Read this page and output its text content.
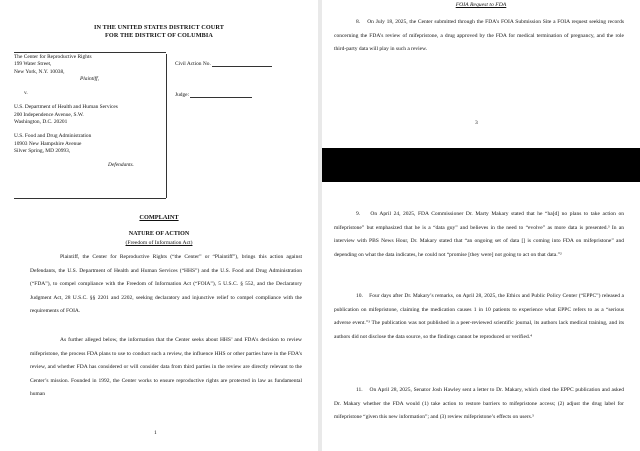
IN THE UNITED STATES DISTRICT COURT
FOR THE DISTRICT OF COLUMBIA
The Center for Reproductive Rights
199 Water Street,
New York, N.Y. 10038,
Plaintiff,
v.
U.S. Department of Health and Human Services
200 Independence Avenue, S.W.
Washington, D.C. 20201
U.S. Food and Drug Administration
10903 New Hampshire Avenue
Silver Spring, MD 20993,
Defendants.
Civil Action No.
Judge:
COMPLAINT
NATURE OF ACTION
(Freedom of Information Act)
Plaintiff, the Center for Reproductive Rights (“the Center” or “Plaintiff”), brings this action against Defendants, the U.S. Department of Health and Human Services (“HHS”) and the U.S. Food and Drug Administration (“FDA”), to compel compliance with the Freedom of Information Act (“FOIA”), 5 U.S.C. § 552, and the Declaratory Judgment Act, 28 U.S.C. §§ 2201 and 2202, seeking declaratory and injunctive relief to compel compliance with the requirements of FOIA.
As further alleged below, the information that the Center seeks about HHS’ and FDA’s decision to review mifepristone, the process FDA plans to use to conduct such a review, the influence HHS or other parties have in the FDA’s review, and whether FDA has considered or will consider data from third parties in the review are directly relevant to the Center’s mission. Founded in 1992, the Center works to ensure reproductive rights are protected in law as fundamental human
1
FOIA Request to FDA
8.    On July 18, 2025, the Center submitted through the FDA’s FOIA Submission Site a FOIA request seeking records concerning the FDA’s review of mifepristone, a drug approved by the FDA for medical termination of pregnancy, and the role third-party data will play in such a review.
3
9.    On April 24, 2025, FDA Commissioner Dr. Marty Makary stated that he “ha[d] no plans to take action on mifepristone” but emphasized that he is a “data guy” and believes in the need to “evolve” as more data is presented.³ In an interview with PBS News Hour, Dr. Makary stated that “an ongoing set of data [] is coming into FDA on mifepristone” and depending on what the data indicates, he could not “promise [they were] not going to act on that data.”²
10.    Four days after Dr. Makary’s remarks, on April 28, 2025, the Ethics and Public Policy Center (“EPPC”) released a publication on mifepristone, claiming the medication causes 1 in 10 patients to experience what EPPC refers to as a “serious adverse event.”³ The publication was not published in a peer-reviewed scientific journal, its authors lack medical training, and its authors did not disclose the data source, so the findings cannot be reproduced or verified.⁴
11.    On April 28, 2025, Senator Josh Hawley sent a letter to Dr. Makary, which cited the EPPC publication and asked Dr. Makary whether the FDA would (1) take action to restore barriers to mifepristone access; (2) adjust the drug label for mifepristone “given this new information”; and (3) review mifepristone’s effects on users.⁵
